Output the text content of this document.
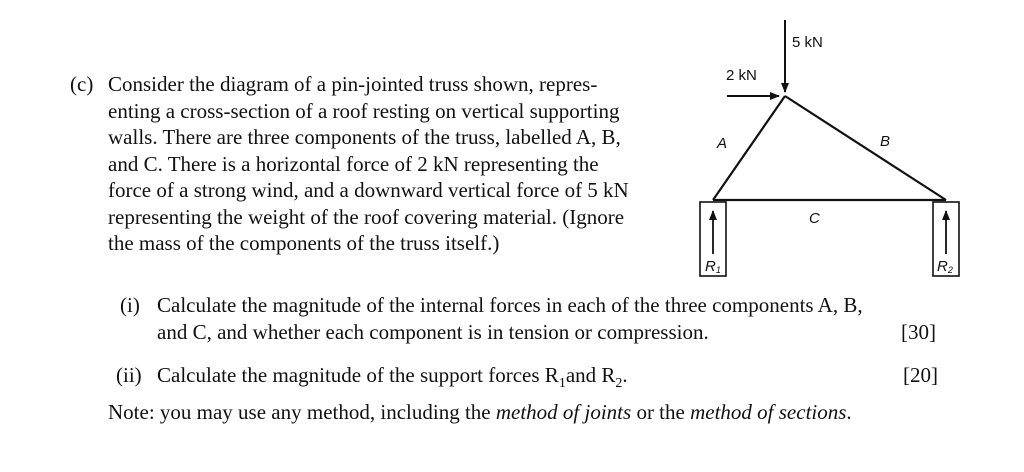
(c) Consider the diagram of a pin-jointed truss shown, repres-
enting a cross-section of a roof resting on vertical supporting
walls. There are three components of the truss, labelled A, B,
and C. There is a horizontal force of 2 kN representing the
force of a strong wind, and a downward vertical force of 5 kN
representing the weight of the roof covering material. (Ignore
the mass of the components of the truss itself.)
5 kN
2 kN
A	B
C
R1	R2
(i) Calculate the magnitude of the internal forces in each of the three components A, B,
and C, and whether each component is in tension or compression.	[30]
(ii) Calculate the magnitude of the support forces $R_1and$ $R_2$.	[20]
Note: you may use any method, including the method of joints or the method of sections.
